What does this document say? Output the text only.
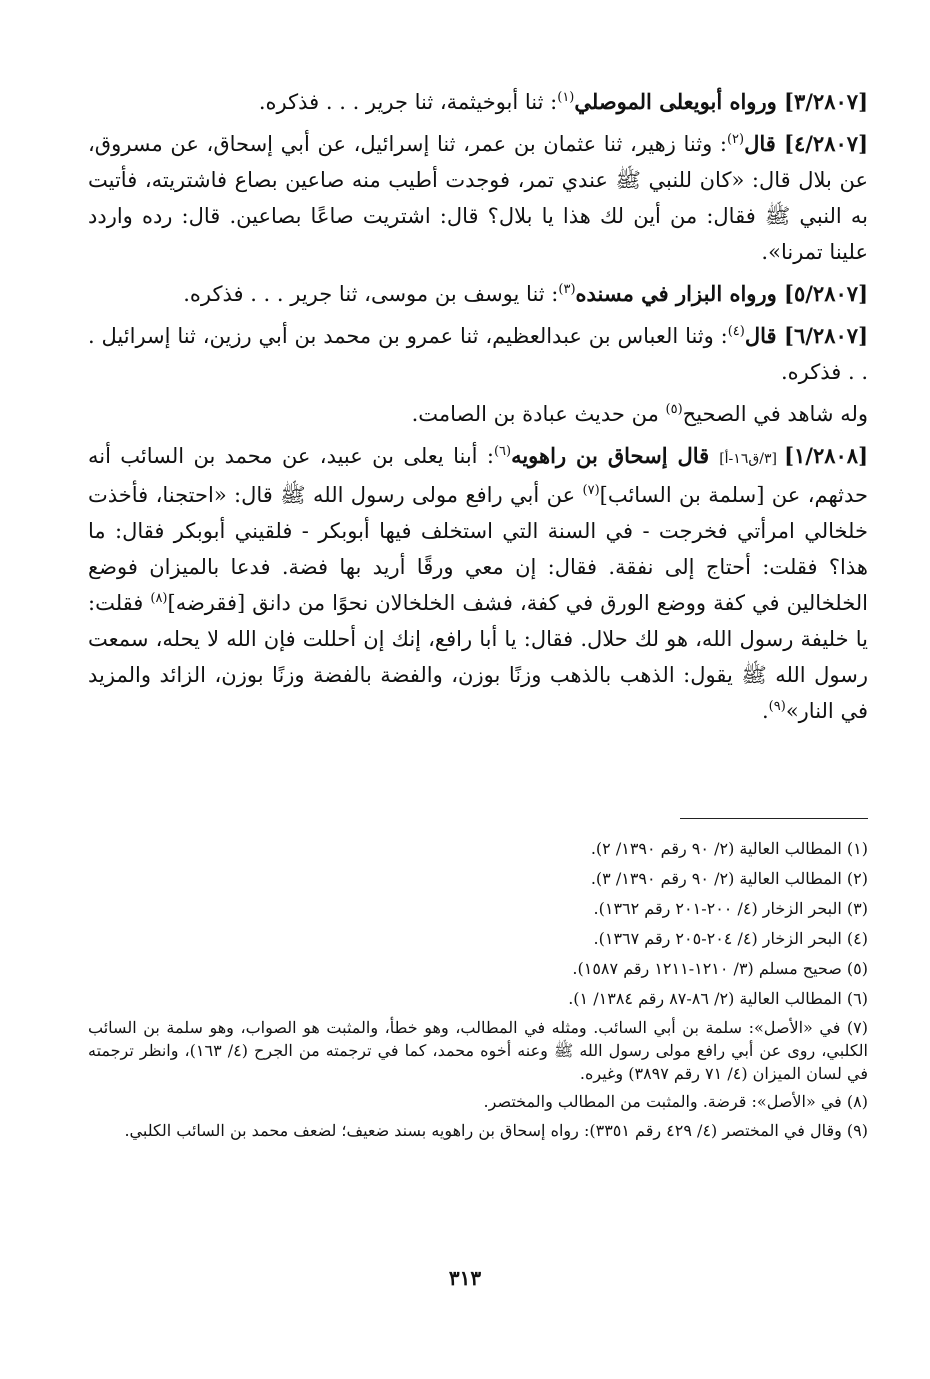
[٣/٢٨٠٧] ورواه أبويعلى الموصلي$^{(١)}$: ثنا أبوخيثمة، ثنا جرير . . . فذكره.

[٤/٢٨٠٧] قال$^{(٢)}$: وثنا زهير، ثنا عثمان بن عمر، ثنا إسرائيل، عن أبي إسحاق، عن مسروق، عن بلال قال: «كان للنبي ﷺ عندي تمر، فوجدت أطيب منه صاعين بصاع فاشتريته، فأتيت به النبي ﷺ فقال: من أين لك هذا يا بلال؟ قال: اشتريت صاعًا بصاعين. قال: رده واردد علينا تمرنا».

[٥/٢٨٠٧] ورواه البزار في مسنده$^{(٣)}$: ثنا يوسف بن موسى، ثنا جرير . . . فذكره.

[٦/٢٨٠٧] قال$^{(٤)}$: وثنا العباس بن عبدالعظيم، ثنا عمرو بن محمد بن أبي رزين، ثنا إسرائيل . . . فذكره.

وله شاهد في الصحيح$^{(٥)}$ من حديث عبادة بن الصامت.

[١/٢٨٠٨] [٣/ق١٦-أ] قال إسحاق بن راهويه$^{(٦)}$: أبنا يعلى بن عبيد، عن محمد بن السائب أنه حدثهم، عن [سلمة بن السائب]$^{(٧)}$ عن أبي رافع مولى رسول الله ﷺ قال: «احتجنا، فأخذت خلخالي امرأتي فخرجت - في السنة التي استخلف فيها أبوبكر - فلقيني أبوبكر فقال: ما هذا؟ فقلت: أحتاج إلى نفقة. فقال: إن معي ورقًا أريد بها فضة. فدعا بالميزان فوضع الخلخالين في كفة ووضع الورق في كفة، فشف الخلخالان نحوًا من دانق [فقرضه]$^{(٨)}$ فقلت: يا خليفة رسول الله، هو لك حلال. فقال: يا أبا رافع، إنك إن أحللت فإن الله لا يحله، سمعت رسول الله ﷺ يقول: الذهب بالذهب وزنًا بوزن، والفضة بالفضة وزنًا بوزن، الزائد والمزيد في النار»$^{(٩)}$.

(١) المطالب العالية (٢/ ٩٠ رقم ١٣٩٠/ ٢).

(٢) المطالب العالية (٢/ ٩٠ رقم ١٣٩٠/ ٣).

(٣) البحر الزخار (٤/ ٢٠٠-٢٠١ رقم ١٣٦٢).

(٤) البحر الزخار (٤/ ٢٠٤-٢٠٥ رقم ١٣٦٧).

(٥) صحيح مسلم (٣/ ١٢١٠-١٢١١ رقم ١٥٨٧).

(٦) المطالب العالية (٢/ ٨٦-٨٧ رقم ١٣٨٤/ ١).

(٧) في «الأصل»: سلمة بن أبي السائب. ومثله في المطالب، وهو خطأ، والمثبت هو الصواب، وهو سلمة بن السائب الكلبي، روى عن أبي رافع مولى رسول الله ﷺ وعنه أخوه محمد، كما في ترجمته من الجرح (٤/ ١٦٣)، وانظر ترجمته في لسان الميزان (٤/ ٧١ رقم ٣٨٩٧) وغيره.

(٨) في «الأصل»: قرضة. والمثبت من المطالب والمختصر.

(٩) وقال في المختصر (٤/ ٤٢٩ رقم ٣٣٥١): رواه إسحاق بن راهويه بسند ضعيف؛ لضعف محمد بن السائب الكلبي.

٣١٣
